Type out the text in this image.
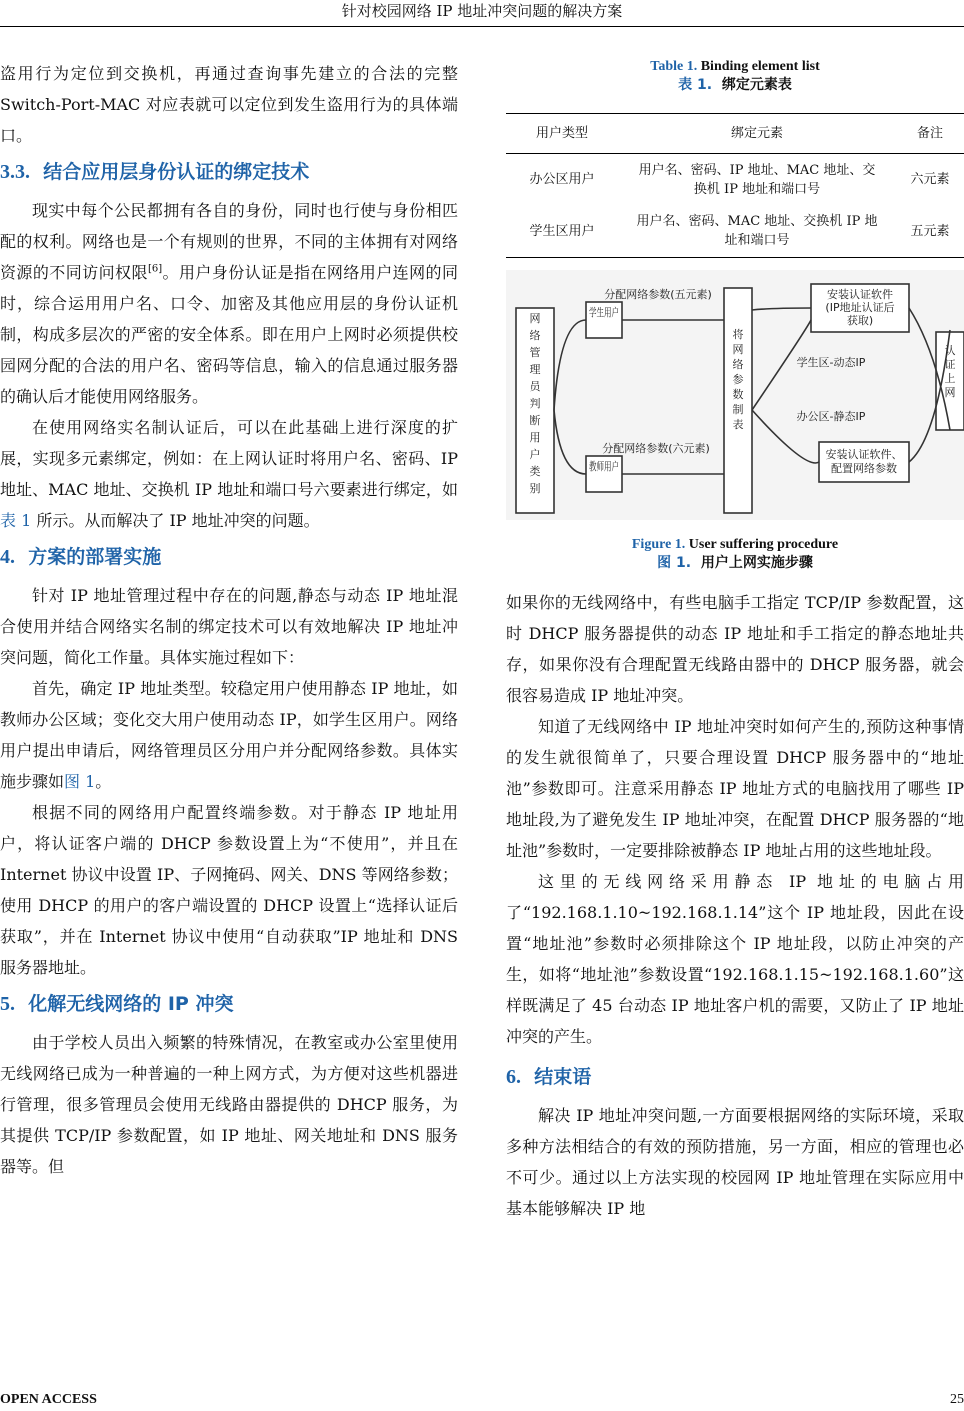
针对校园网络 IP 地址冲突问题的解决方案

盗用行为定位到交换机，再通过查询事先建立的合法的完整 Switch-Port-MAC 对应表就可以定位到发生盗用行为的具体端口。

3.3. 结合应用层身份认证的绑定技术

现实中每个公民都拥有各自的身份，同时也行使与身份相匹配的权利。网络也是一个有规则的世界，不同的主体拥有对网络资源的不同访问权限[6]。用户身份认证是指在网络用户连网的同时，综合运用用户名、口令、加密及其他应用层的身份认证机制，构成多层次的严密的安全体系。即在用户上网时必须提供校园网分配的合法的用户名、密码等信息，输入的信息通过服务器的确认后才能使用网络服务。

在使用网络实名制认证后，可以在此基础上进行深度的扩展，实现多元素绑定，例如：在上网认证时将用户名、密码、IP 地址、MAC 地址、交换机 IP 地址和端口号六要素进行绑定，如表 1 所示。从而解决了 IP 地址冲突的问题。

4. 方案的部署实施

针对 IP 地址管理过程中存在的问题,静态与动态 IP 地址混合使用并结合网络实名制的绑定技术可以有效地解决 IP 地址冲突问题，简化工作量。具体实施过程如下：

首先，确定 IP 地址类型。较稳定用户使用静态 IP 地址，如教师办公区域；变化交大用户使用动态 IP，如学生区用户。网络用户提出申请后，网络管理员区分用户并分配网络参数。具体实施步骤如图 1。

根据不同的网络用户配置终端参数。对于静态 IP 地址用户，将认证客户端的 DHCP 参数设置上为“不使用”，并且在 Internet 协议中设置 IP、子网掩码、网关、DNS 等网络参数；使用 DHCP 的用户的客户端设置的 DHCP 设置上“选择认证后获取”，并在 Internet 协议中使用“自动获取”IP 地址和 DNS 服务器地址。

5. 化解无线网络的 IP 冲突

由于学校人员出入频繁的特殊情况，在教室或办公室里使用无线网络已成为一种普遍的一种上网方式，为方便对这些机器进行管理，很多管理员会使用无线路由器提供的 DHCP 服务，为其提供 TCP/IP 参数配置，如 IP 地址、网关地址和 DNS 服务器等。但

Table 1. Binding element list
表 1. 绑定元素表
用户类型	绑定元素	备注
办公区用户	用户名、密码、IP 地址、MAC 地址、交换机 IP 地址和端口号	六元素
学生区用户	用户名、密码、MAC 地址、交换机 IP 地址和端口号	五元素
网络管理员判断用户类别
将网络参数制表
认证上网
学生用户
教师用户
安装认证软件(IP地址认证后获取)
安装认证软件、配置网络参数
学生区-动态IP
办公区-静态IP
分配网络参数(五元素)
分配网络参数(六元素)
Figure 1. User suffering procedure
图 1. 用户上网实施步骤

如果你的无线网络中，有些电脑手工指定 TCP/IP 参数配置，这时 DHCP 服务器提供的动态 IP 地址和手工指定的静态地址共存，如果你没有合理配置无线路由器中的 DHCP 服务器，就会很容易造成 IP 地址冲突。

知道了无线网络中 IP 地址冲突时如何产生的,预防这种事情的发生就很简单了，只要合理设置 DHCP 服务器中的“地址池”参数即可。注意采用静态 IP 地址方式的电脑找用了哪些 IP 地址段,为了避免发生 IP 地址冲突，在配置 DHCP 服务器的“地址池”参数时，一定要排除被静态 IP 地址占用的这些地址段。

这里的无线网络采用静态 IP 地址的电脑占用了“192.168.1.10~192.168.1.14”这个 IP 地址段，因此在设置“地址池”参数时必须排除这个 IP 地址段，以防止冲突的产生，如将“地址池”参数设置“192.168.1.15~192.168.1.60”这样既满足了 45 台动态 IP 地址客户机的需要，又防止了 IP 地址冲突的产生。

6. 结束语

解决 IP 地址冲突问题,一方面要根据网络的实际环境，采取多种方法相结合的有效的预防措施，另一方面，相应的管理也必不可少。通过以上方法实现的校园网 IP 地址管理在实际应用中基本能够解决 IP 地

OPEN ACCESS	25
